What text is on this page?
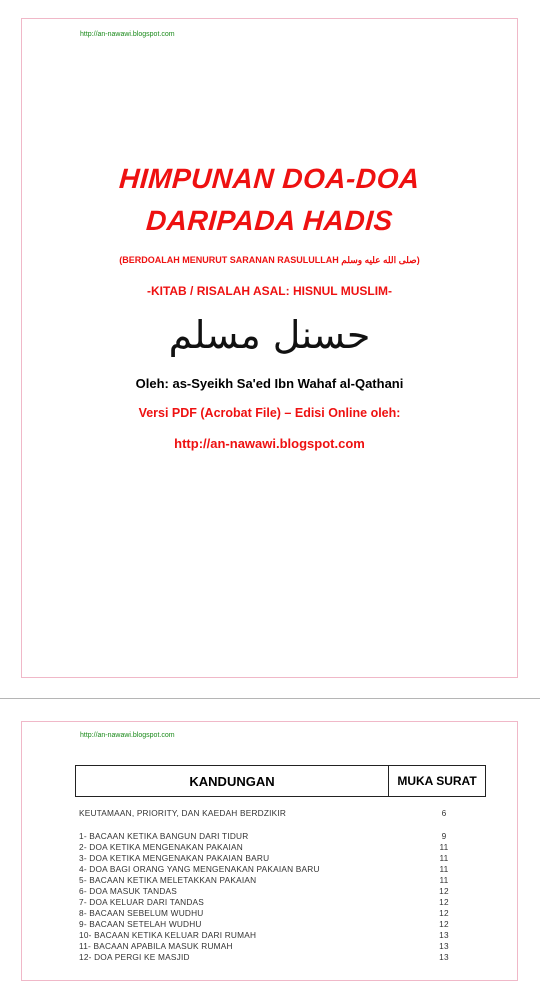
http://an-nawawi.blogspot.com
HIMPUNAN DOA-DOA
DARIPADA HADIS
(BERDOALAH MENURUT SARANAN RASULULLAH صلى الله عليه وسلم)
-KITAB / RISALAH ASAL: HISNUL MUSLIM-
حسنل مسلم
Oleh: as-Syeikh Sa'ed Ibn Wahaf al-Qathani
Versi PDF (Acrobat File) – Edisi Online oleh:
http://an-nawawi.blogspot.com
http://an-nawawi.blogspot.com
KANDUNGAN	MUKA SURAT
KEUTAMAAN, PRIORITY, DAN KAEDAH BERDZIKIR	6
1- BACAAN KETIKA BANGUN DARI TIDUR	9
2- DOA KETIKA MENGENAKAN PAKAIAN	11
3- DOA KETIKA MENGENAKAN PAKAIAN BARU	11
4- DOA BAGI ORANG YANG MENGENAKAN PAKAIAN BARU	11
5- BACAAN KETIKA MELETAKKAN PAKAIAN	11
6- DOA MASUK TANDAS	12
7- DOA KELUAR DARI TANDAS	12
8- BACAAN SEBELUM WUDHU	12
9- BACAAN SETELAH WUDHU	12
10- BACAAN KETIKA KELUAR DARI RUMAH	13
11- BACAAN APABILA MASUK RUMAH	13
12- DOA PERGI KE MASJID	13
